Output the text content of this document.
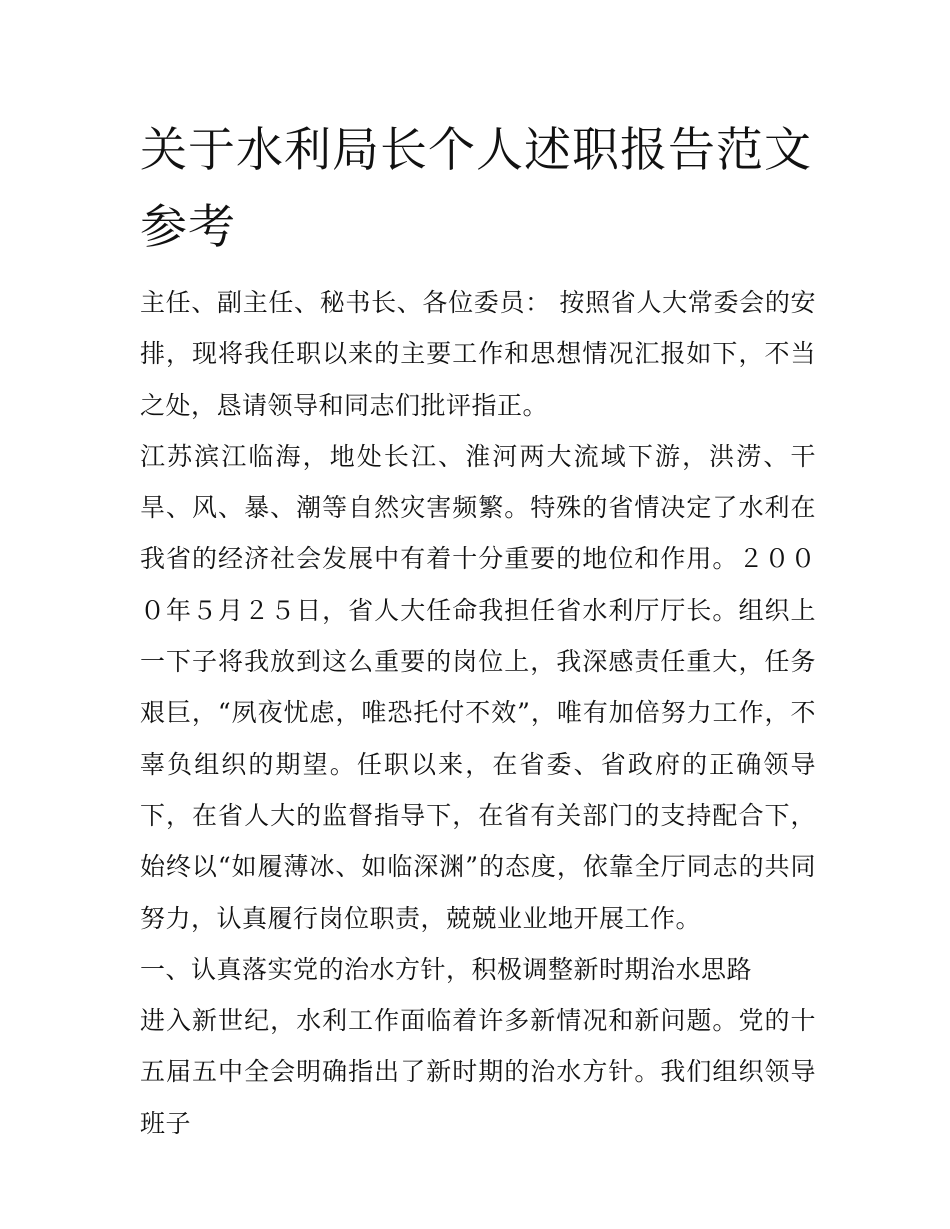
关于水利局长个人述职报告范文参考

主任、副主任、秘书长、各位委员： 按照省人大常委会的安排，现将我任职以来的主要工作和思想情况汇报如下，不当之处，恳请领导和同志们批评指正。

江苏滨江临海，地处长江、淮河两大流域下游，洪涝、干旱、风、暴、潮等自然灾害频繁。特殊的省情决定了水利在我省的经济社会发展中有着十分重要的地位和作用。２０００年５月２５日，省人大任命我担任省水利厅厅长。组织上一下子将我放到这么重要的岗位上，我深感责任重大，任务艰巨，“夙夜忧虑，唯恐托付不效”，唯有加倍努力工作，不辜负组织的期望。任职以来，在省委、省政府的正确领导下，在省人大的监督指导下，在省有关部门的支持配合下，始终以“如履薄冰、如临深渊”的态度，依靠全厅同志的共同努力，认真履行岗位职责，兢兢业业地开展工作。

一、认真落实党的治水方针，积极调整新时期治水思路

进入新世纪，水利工作面临着许多新情况和新问题。党的十五届五中全会明确指出了新时期的治水方针。我们组织领导班子
